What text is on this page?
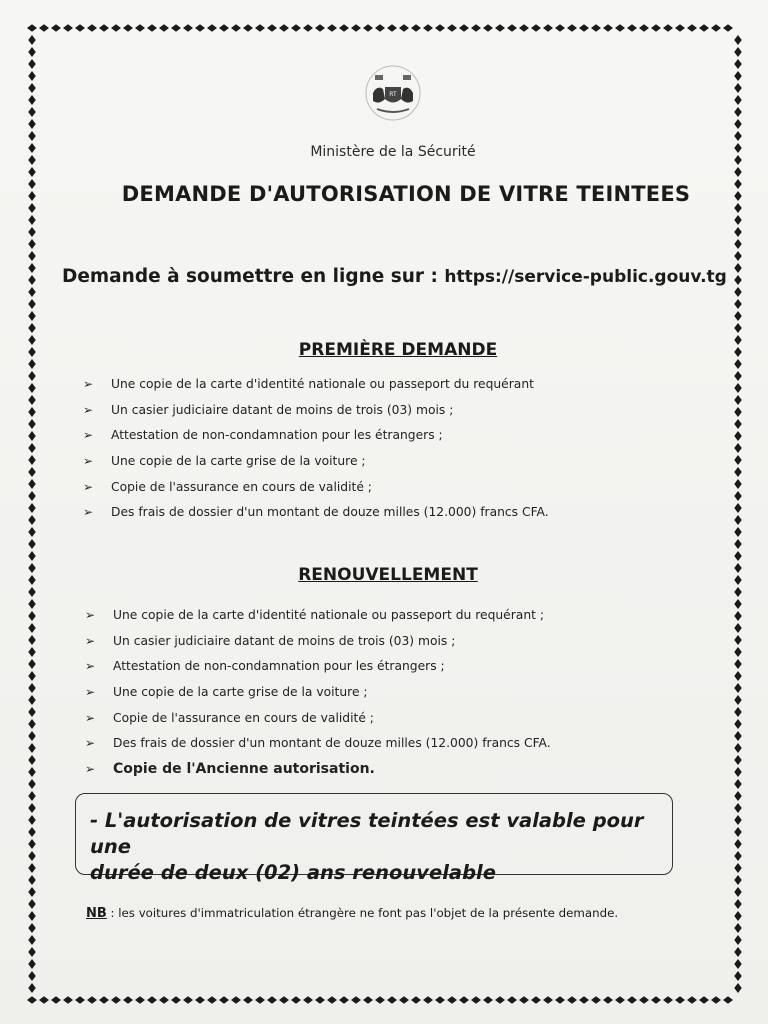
RT
Ministère de la Sécurité
DEMANDE D'AUTORISATION DE VITRE TEINTEES
Demande à soumettre en ligne sur : https://service-public.gouv.tg
PREMIÈRE DEMANDE
➢ Une copie de la carte d'identité nationale ou passeport du requérant
➢ Un casier judiciaire datant de moins de trois (03) mois ;
➢ Attestation de non-condamnation pour les étrangers ;
➢ Une copie de la carte grise de la voiture ;
➢ Copie de l'assurance en cours de validité ;
➢ Des frais de dossier d'un montant de douze milles (12.000) francs CFA.
RENOUVELLEMENT
➢ Une copie de la carte d'identité nationale ou passeport du requérant ;
➢ Un casier judiciaire datant de moins de trois (03) mois ;
➢ Attestation de non-condamnation pour les étrangers ;
➢ Une copie de la carte grise de la voiture ;
➢ Copie de l'assurance en cours de validité ;
➢ Des frais de dossier d'un montant de douze milles (12.000) francs CFA.
➢ Copie de l'Ancienne autorisation.
- L'autorisation de vitres teintées est valable pour une
durée de deux (02) ans renouvelable
NB : les voitures d'immatriculation étrangère ne font pas l'objet de la présente demande.
